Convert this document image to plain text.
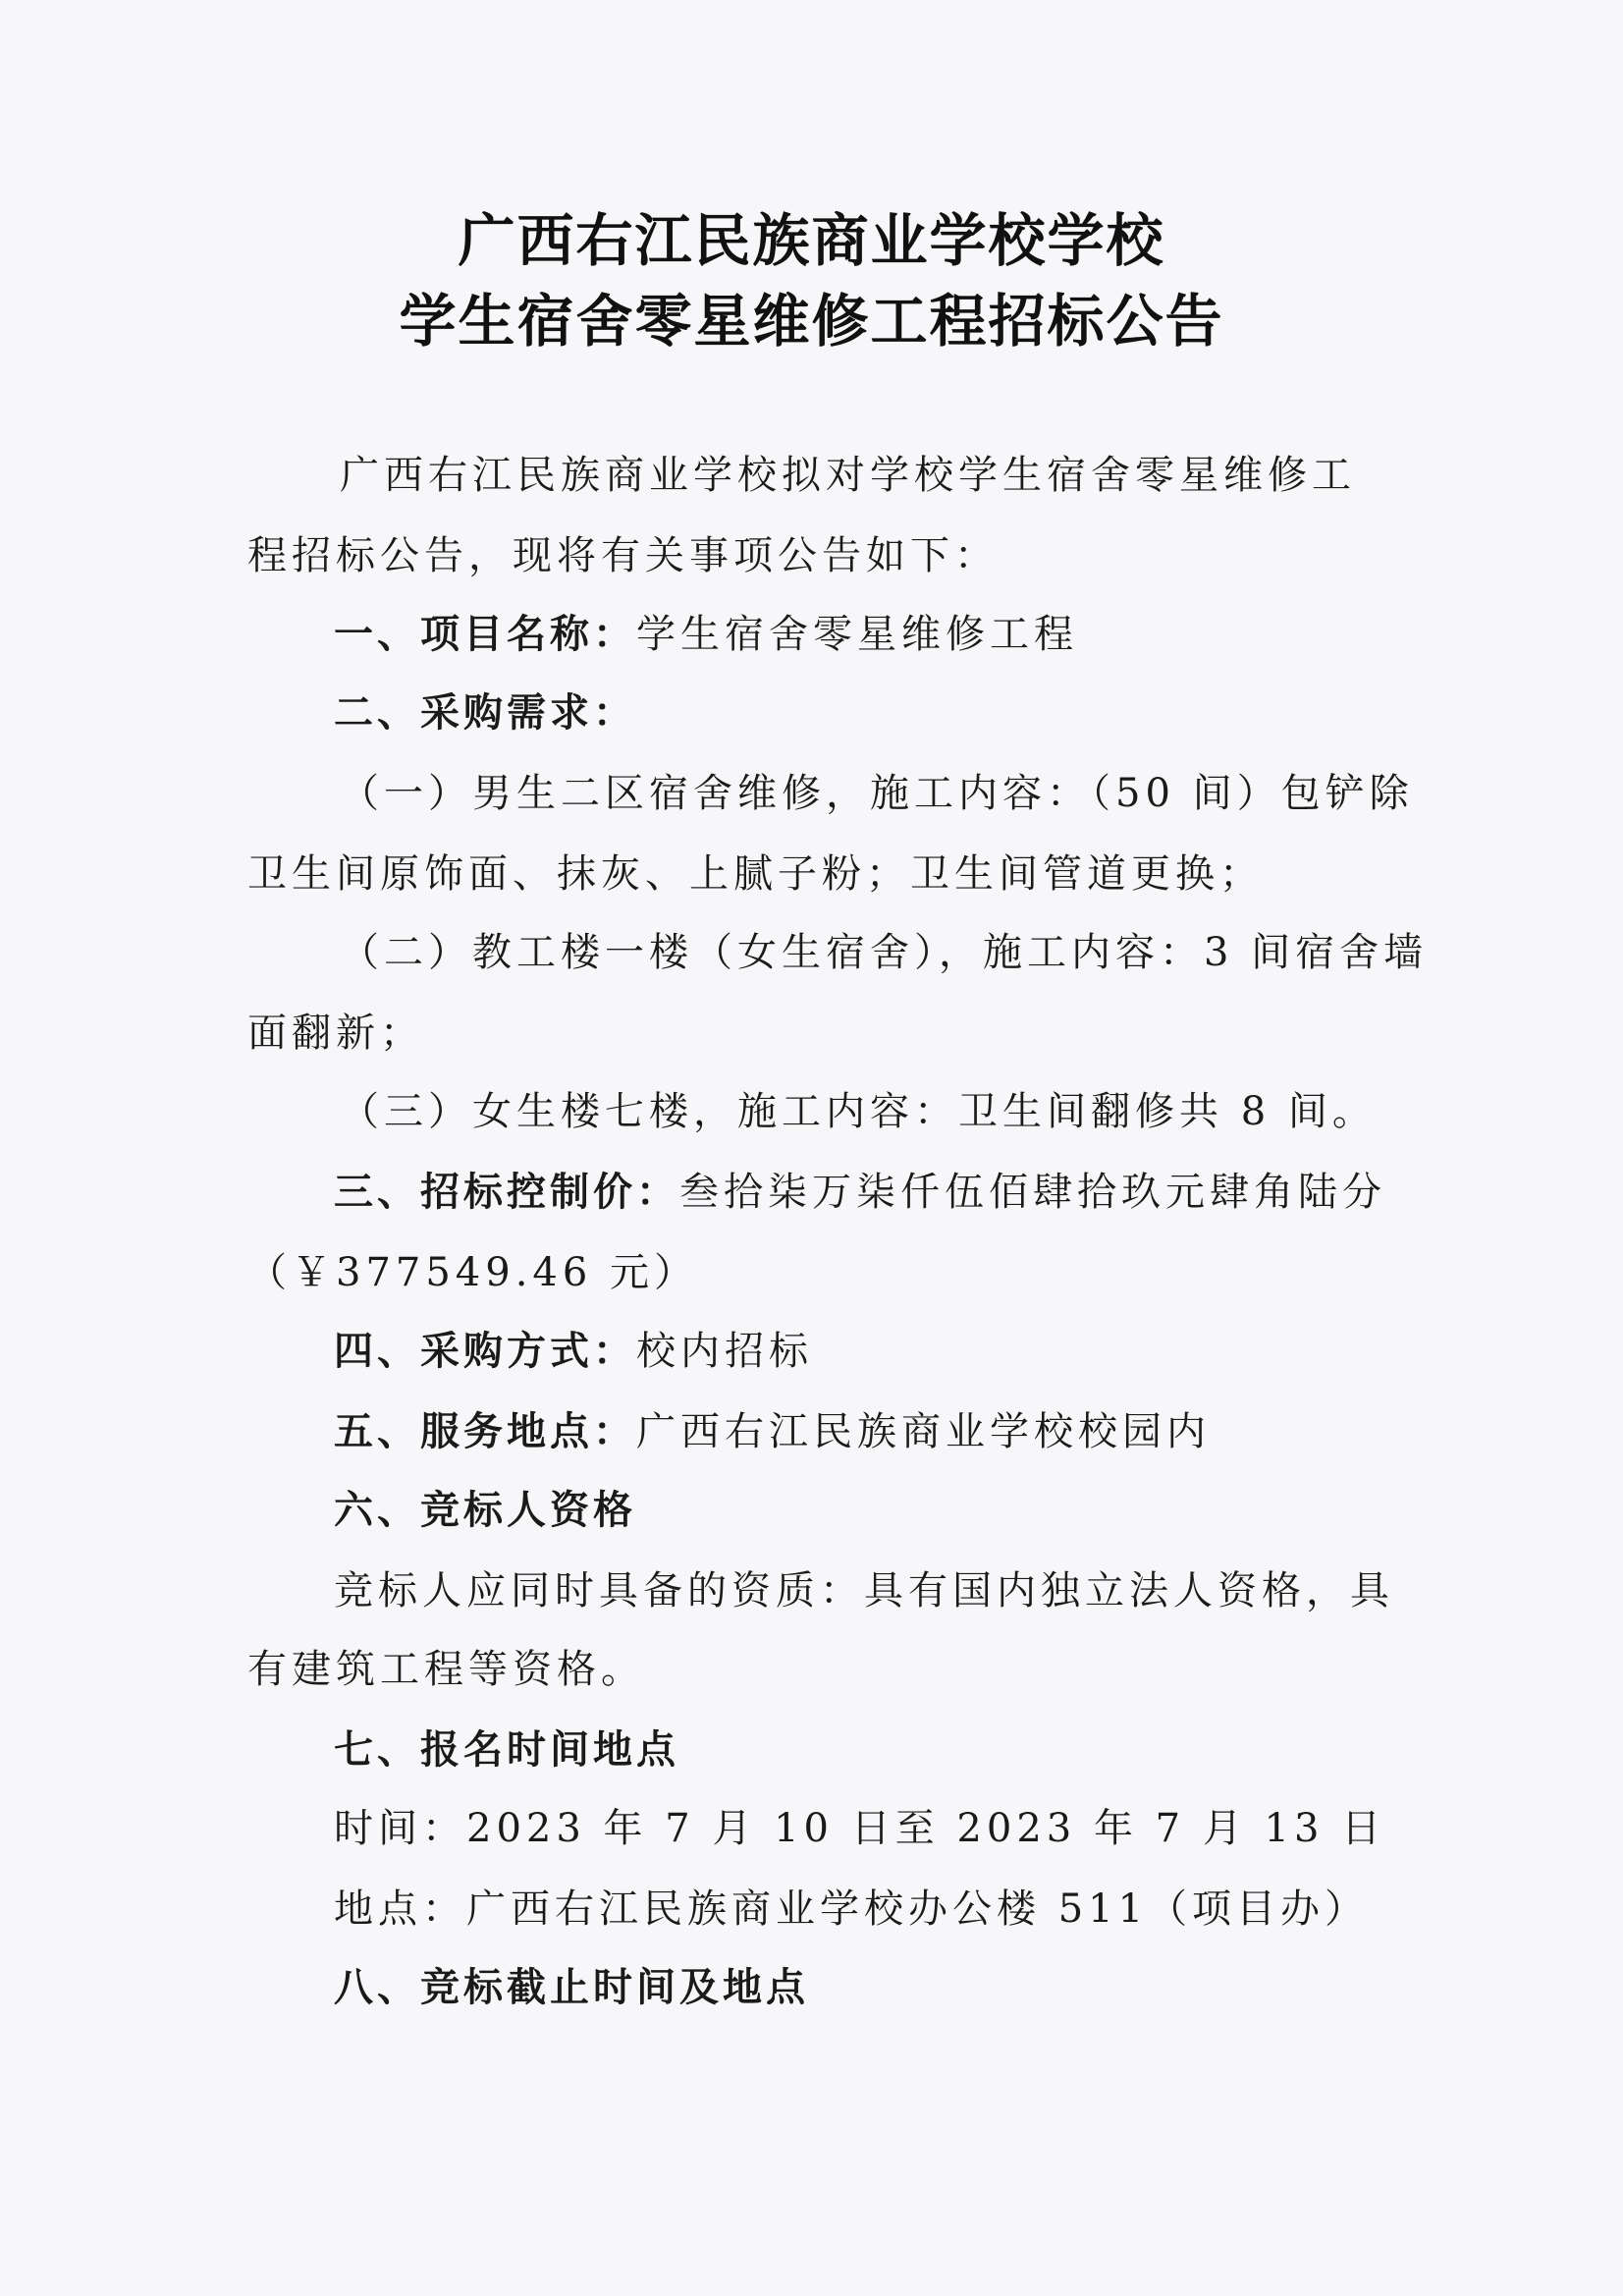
广西右江民族商业学校学校
学生宿舍零星维修工程招标公告
广西右江民族商业学校拟对学校学生宿舍零星维修工
程招标公告，现将有关事项公告如下：
一、项目名称：学生宿舍零星维修工程
二、采购需求：
（一）男生二区宿舍维修，施工内容：（50 间）包铲除
卫生间原饰面、抹灰、上腻子粉；卫生间管道更换；
（二）教工楼一楼（女生宿舍），施工内容：3 间宿舍墙
面翻新；
（三）女生楼七楼，施工内容：卫生间翻修共 8 间。
三、招标控制价：叁拾柒万柒仟伍佰肆拾玖元肆角陆分
（￥377549.46 元）
四、采购方式：校内招标
五、服务地点：广西右江民族商业学校校园内
六、竞标人资格
竞标人应同时具备的资质：具有国内独立法人资格，具
有建筑工程等资格。
七、报名时间地点
时间：2023 年 7 月 10 日至 2023 年 7 月 13 日
地点：广西右江民族商业学校办公楼 511（项目办）
八、竞标截止时间及地点
